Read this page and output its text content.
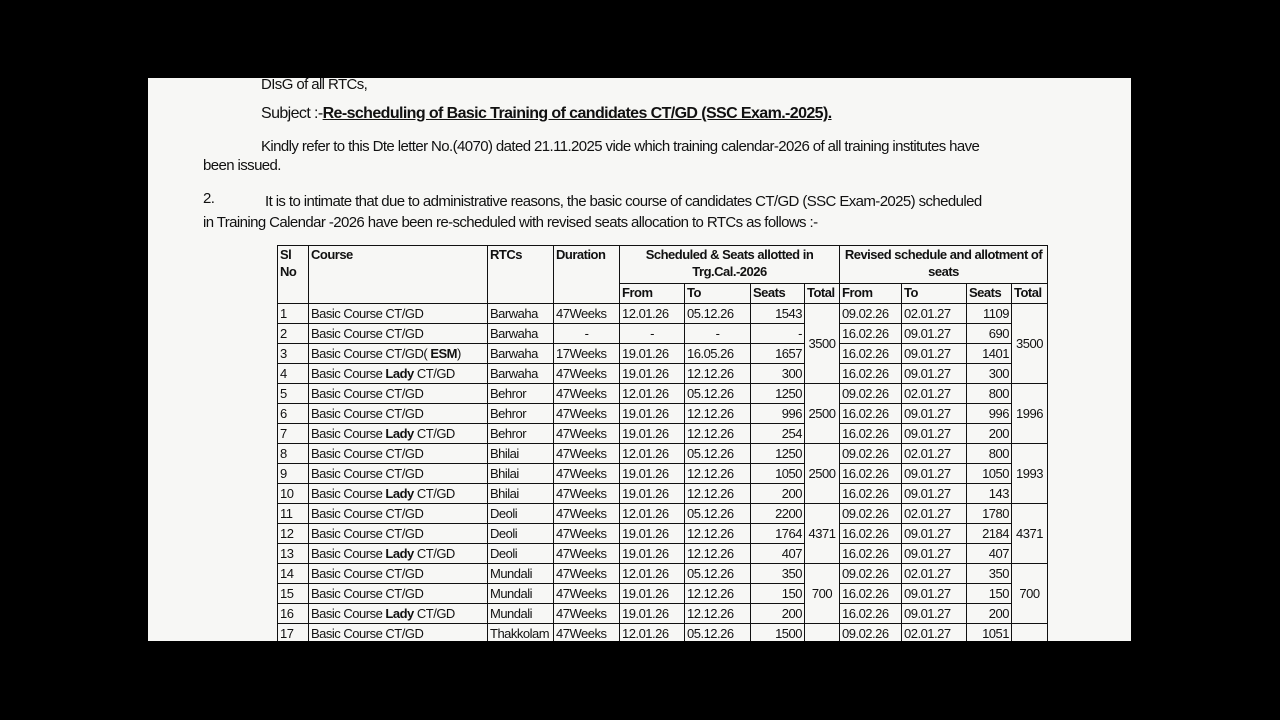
DIsG of all RTCs,
Subject :-Re-scheduling of Basic Training of candidates CT/GD (SSC Exam.-2025).
Kindly refer to this Dte letter No.(4070) dated 21.11.2025 vide which training calendar-2026 of all training institutes have
been issued.
2.	It is to intimate that due to administrative reasons, the basic course of candidates CT/GD (SSC Exam-2025) scheduled
in Training Calendar -2026 have been re-scheduled with revised seats allocation to RTCs as follows :-
Sl No	Course	RTCs	Duration	Scheduled & Seats allotted in Trg.Cal.-2026				Revised schedule and allotment of seats			
				From	To	Seats	Total	From	To	Seats	Total
1	Basic Course CT/GD	Barwaha	47Weeks	12.01.26	05.12.26	1543	3500	09.02.26	02.01.27	1109	3500
2	Basic Course CT/GD	Barwaha	-	-	-	-		16.02.26	09.01.27	690	
3	Basic Course CT/GD( ESM)	Barwaha	17Weeks	19.01.26	16.05.26	1657		16.02.26	09.01.27	1401	
4	Basic Course Lady CT/GD	Barwaha	47Weeks	19.01.26	12.12.26	300		16.02.26	09.01.27	300	
5	Basic Course CT/GD	Behror	47Weeks	12.01.26	05.12.26	1250	2500	09.02.26	02.01.27	800	1996
6	Basic Course CT/GD	Behror	47Weeks	19.01.26	12.12.26	996		16.02.26	09.01.27	996	
7	Basic Course Lady CT/GD	Behror	47Weeks	19.01.26	12.12.26	254		16.02.26	09.01.27	200	
8	Basic Course CT/GD	Bhilai	47Weeks	12.01.26	05.12.26	1250	2500	09.02.26	02.01.27	800	1993
9	Basic Course CT/GD	Bhilai	47Weeks	19.01.26	12.12.26	1050		16.02.26	09.01.27	1050	
10	Basic Course Lady CT/GD	Bhilai	47Weeks	19.01.26	12.12.26	200		16.02.26	09.01.27	143	
11	Basic Course CT/GD	Deoli	47Weeks	12.01.26	05.12.26	2200	4371	09.02.26	02.01.27	1780	4371
12	Basic Course CT/GD	Deoli	47Weeks	19.01.26	12.12.26	1764		16.02.26	09.01.27	2184	
13	Basic Course Lady CT/GD	Deoli	47Weeks	19.01.26	12.12.26	407		16.02.26	09.01.27	407	
14	Basic Course CT/GD	Mundali	47Weeks	12.01.26	05.12.26	350	700	09.02.26	02.01.27	350	700
15	Basic Course CT/GD	Mundali	47Weeks	19.01.26	12.12.26	150		16.02.26	09.01.27	150	
16	Basic Course Lady CT/GD	Mundali	47Weeks	19.01.26	12.12.26	200		16.02.26	09.01.27	200	
17	Basic Course CT/GD	Thakkolam	47Weeks	12.01.26	05.12.26	1500		09.02.26	02.01.27	1051	
